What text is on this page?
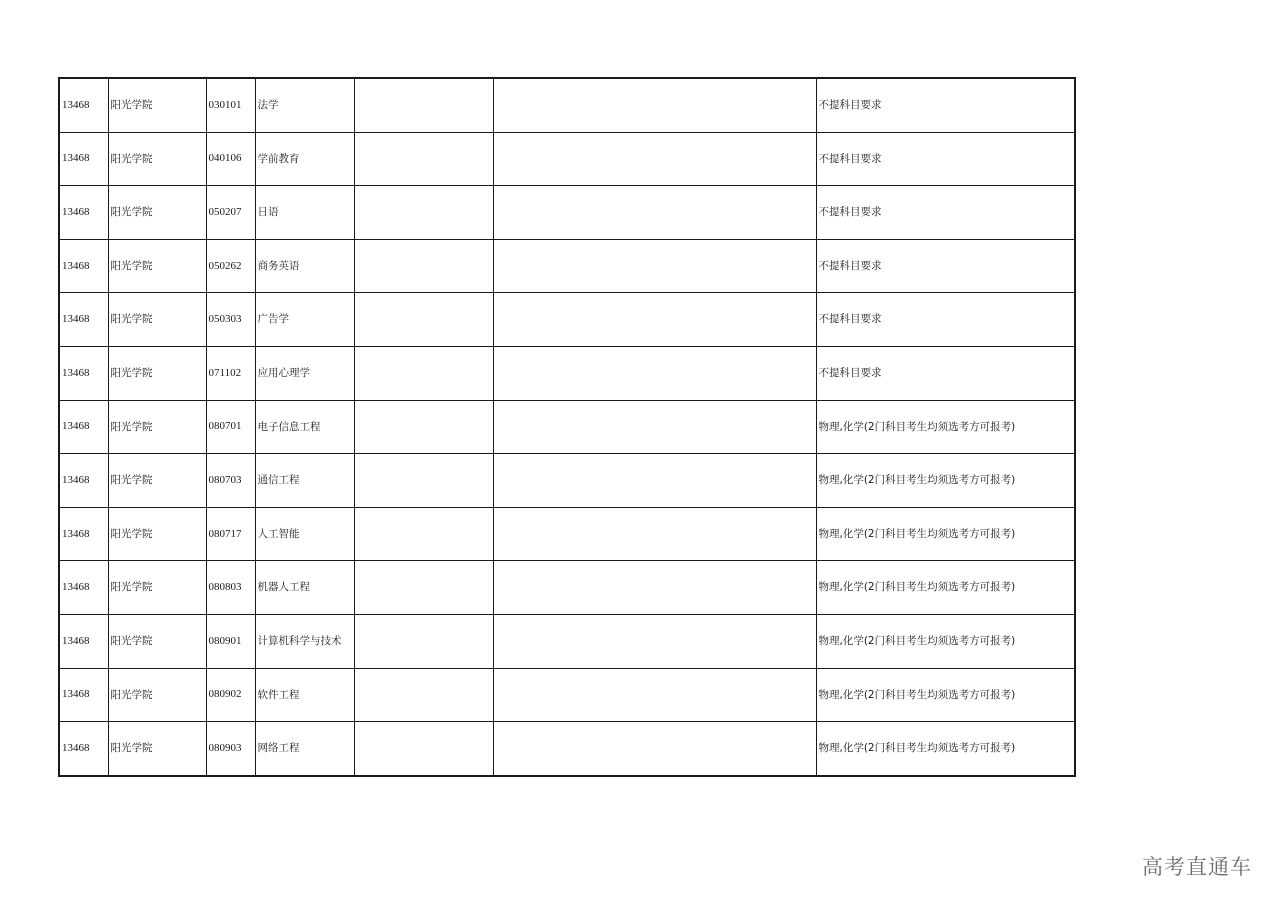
13468	阳光学院	030101	法学			不提科目要求
13468	阳光学院	040106	学前教育			不提科目要求
13468	阳光学院	050207	日语			不提科目要求
13468	阳光学院	050262	商务英语			不提科目要求
13468	阳光学院	050303	广告学			不提科目要求
13468	阳光学院	071102	应用心理学			不提科目要求
13468	阳光学院	080701	电子信息工程			物理,化学(2门科目考生均须选考方可报考)
13468	阳光学院	080703	通信工程			物理,化学(2门科目考生均须选考方可报考)
13468	阳光学院	080717	人工智能			物理,化学(2门科目考生均须选考方可报考)
13468	阳光学院	080803	机器人工程			物理,化学(2门科目考生均须选考方可报考)
13468	阳光学院	080901	计算机科学与技术			物理,化学(2门科目考生均须选考方可报考)
13468	阳光学院	080902	软件工程			物理,化学(2门科目考生均须选考方可报考)
13468	阳光学院	080903	网络工程			物理,化学(2门科目考生均须选考方可报考)
高考直通车
